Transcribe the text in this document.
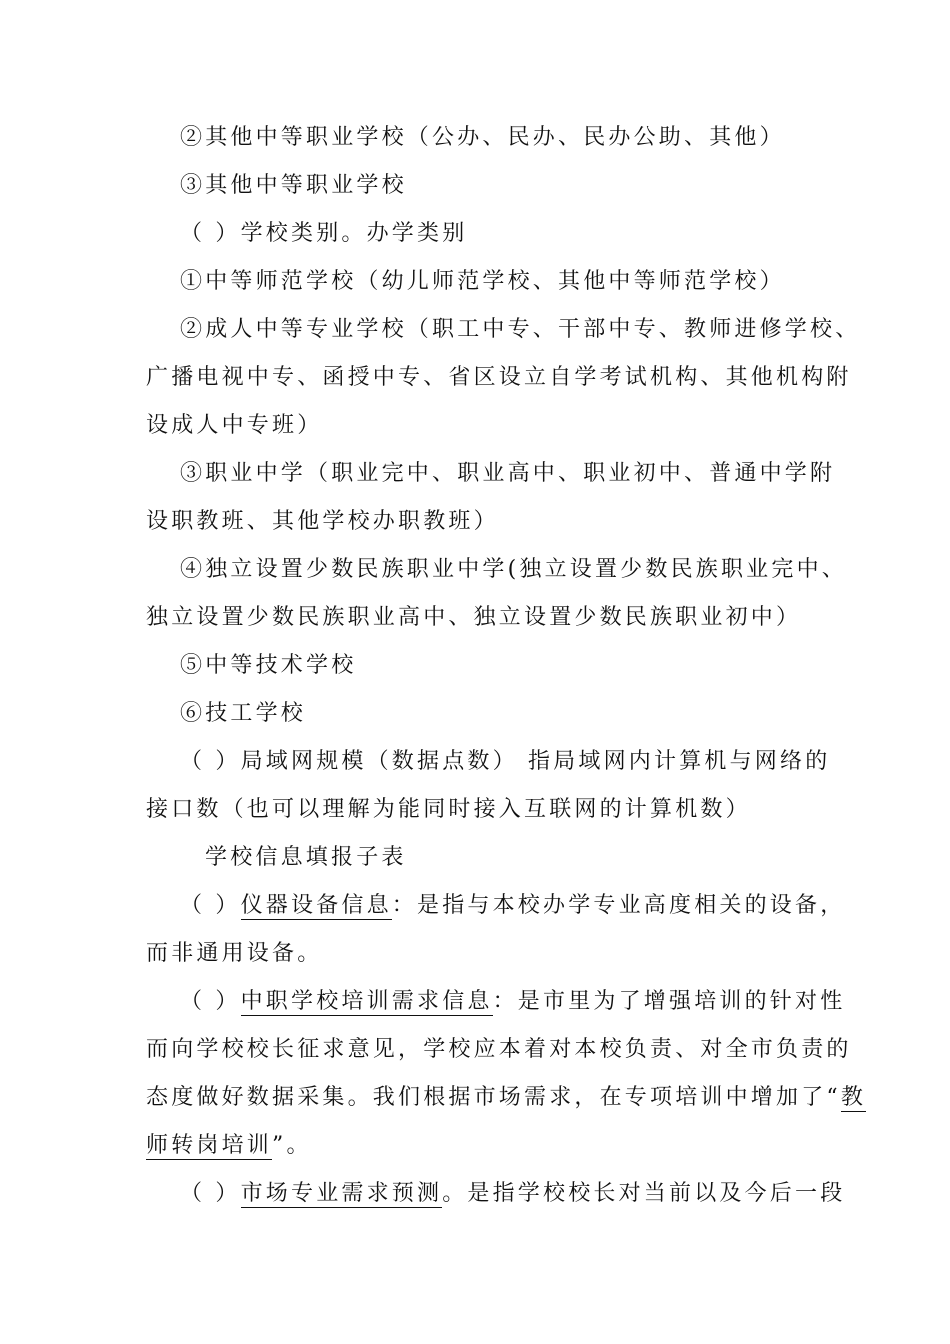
②其他中等职业学校（公办、民办、民办公助、其他）
③其他中等职业学校
（ ）学校类别。办学类别
①中等师范学校（幼儿师范学校、其他中等师范学校）
②成人中等专业学校（职工中专、干部中专、教师进修学校、
广播电视中专、函授中专、省区设立自学考试机构、其他机构附
设成人中专班）
③职业中学（职业完中、职业高中、职业初中、普通中学附
设职教班、其他学校办职教班）
④独立设置少数民族职业中学(独立设置少数民族职业完中、
独立设置少数民族职业高中、独立设置少数民族职业初中）
⑤中等技术学校
⑥技工学校
（ ）局域网规模（数据点数） 指局域网内计算机与网络的
接口数（也可以理解为能同时接入互联网的计算机数）
学校信息填报子表
（ ）仪器设备信息：是指与本校办学专业高度相关的设备，
而非通用设备。
（ ）中职学校培训需求信息：是市里为了增强培训的针对性
而向学校校长征求意见，学校应本着对本校负责、对全市负责的
态度做好数据采集。我们根据市场需求，在专项培训中增加了“教
师转岗培训”。
（ ）市场专业需求预测。是指学校校长对当前以及今后一段
